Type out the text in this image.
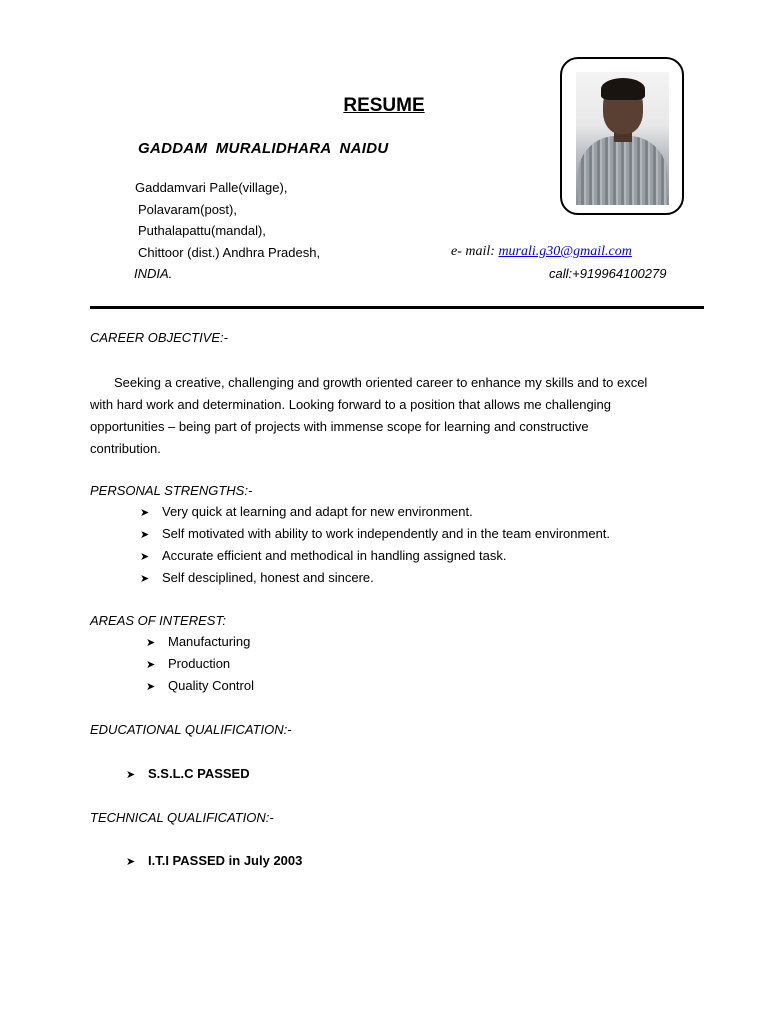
RESUME
GADDAM MURALIDHARA NAIDU
Gaddamvari Palle(village),
Polavaram(post),
Puthalapattu(mandal),
Chittoor (dist.) Andhra Pradesh,
INDIA.
e- mail: murali.g30@gmail.com
call:+919964100279
CAREER OBJECTIVE:-
Seeking a creative, challenging and growth oriented career to enhance my skills and to excel
with hard work and determination. Looking forward to a position that allows me challenging
opportunities – being part of projects with immense scope for learning and constructive
contribution.
PERSONAL STRENGTHS:-
➤ Very quick at learning and adapt for new environment.
➤ Self motivated with ability to work independently and in the team environment.
➤ Accurate efficient and methodical in handling assigned task.
➤ Self desciplined, honest and sincere.
AREAS OF INTEREST:
➤ Manufacturing
➤ Production
➤ Quality Control
EDUCATIONAL QUALIFICATION:-
➤ S.S.L.C PASSED
TECHNICAL QUALIFICATION:-
➤ I.T.I PASSED in July 2003
